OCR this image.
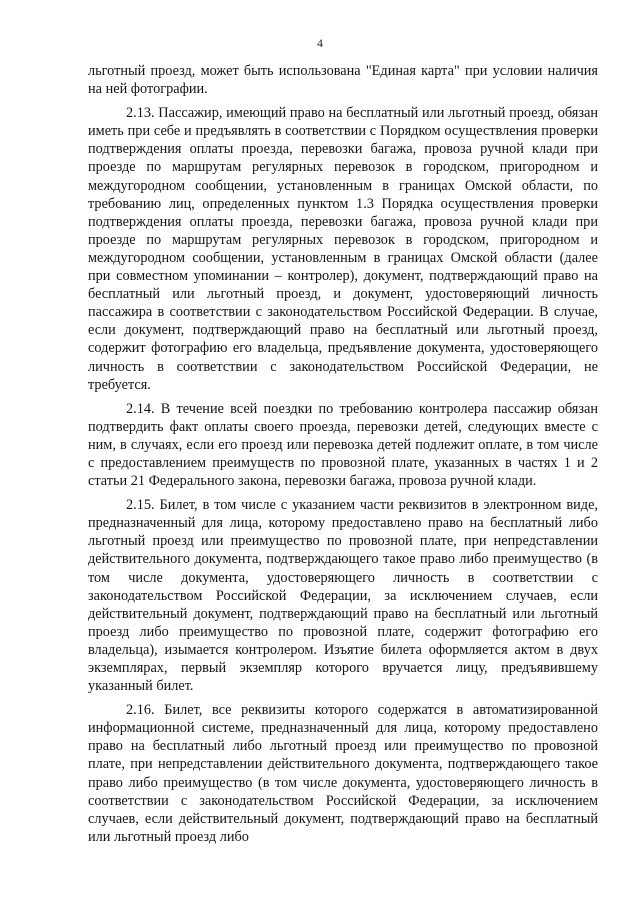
4

льготный проезд, может быть использована "Единая карта" при условии наличия на ней фотографии.

2.13. Пассажир, имеющий право на бесплатный или льготный проезд, обязан иметь при себе и предъявлять в соответствии с Порядком осуществления проверки подтверждения оплаты проезда, перевозки багажа, провоза ручной клади при проезде по маршрутам регулярных перевозок в городском, пригородном и междугородном сообщении, установленным в границах Омской области, по требованию лиц, определенных пунктом 1.3 Порядка осуществления проверки подтверждения оплаты проезда, перевозки багажа, провоза ручной клади при проезде по маршрутам регулярных перевозок в городском, пригородном и междугородном сообщении, установленным в границах Омской области (далее при совместном упоминании – контролер), документ, подтверждающий право на бесплатный или льготный проезд, и документ, удостоверяющий личность пассажира в соответствии с законодательством Российской Федерации. В случае, если документ, подтверждающий право на бесплатный или льготный проезд, содержит фотографию его владельца, предъявление документа, удостоверяющего личность в соответствии с законодательством Российской Федерации, не требуется.

2.14. В течение всей поездки по требованию контролера пассажир обязан подтвердить факт оплаты своего проезда, перевозки детей, следующих вместе с ним, в случаях, если его проезд или перевозка детей подлежит оплате, в том числе с предоставлением преимуществ по провозной плате, указанных в частях 1 и 2 статьи 21 Федерального закона, перевозки багажа, провоза ручной клади.

2.15. Билет, в том числе с указанием части реквизитов в электронном виде, предназначенный для лица, которому предоставлено право на бесплатный либо льготный проезд или преимущество по провозной плате, при непредставлении действительного документа, подтверждающего такое право либо преимущество (в том числе документа, удостоверяющего личность в соответствии с законодательством Российской Федерации, за исключением случаев, если действительный документ, подтверждающий право на бесплатный или льготный проезд либо преимущество по провозной плате, содержит фотографию его владельца), изымается контролером. Изъятие билета оформляется актом в двух экземплярах, первый экземпляр которого вручается лицу, предъявившему указанный билет.

2.16. Билет, все реквизиты которого содержатся в автоматизированной информационной системе, предназначенный для лица, которому предоставлено право на бесплатный либо льготный проезд или преимущество по провозной плате, при непредставлении действительного документа, подтверждающего такое право либо преимущество (в том числе документа, удостоверяющего личность в соответствии с законодательством Российской Федерации, за исключением случаев, если действительный документ, подтверждающий право на бесплатный или льготный проезд либо
